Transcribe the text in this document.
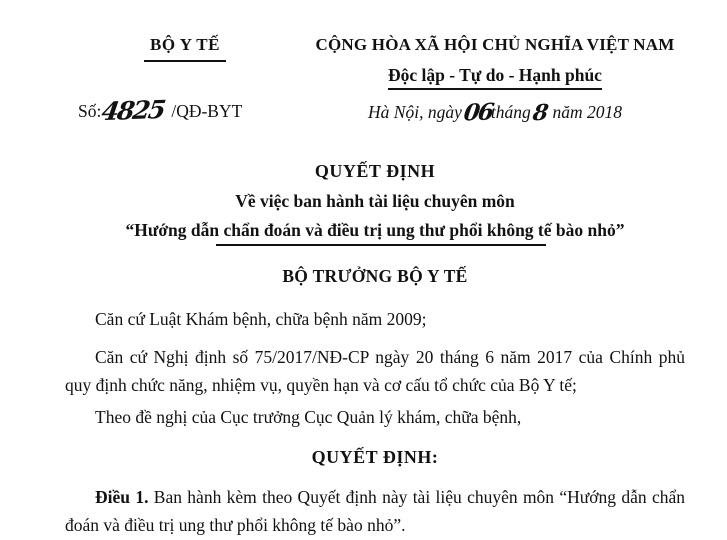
BỘ Y TẾ
Số:4825 /QĐ-BYT
CỘNG HÒA XÃ HỘI CHỦ NGHĨA VIỆT NAM
Độc lập - Tự do - Hạnh phúc
Hà Nội, ngày06tháng8 năm 2018
QUYẾT ĐỊNH
Về việc ban hành tài liệu chuyên môn
“Hướng dẫn chẩn đoán và điều trị ung thư phổi không tế bào nhỏ”
BỘ TRƯỞNG BỘ Y TẾ

Căn cứ Luật Khám bệnh, chữa bệnh năm 2009;

Căn cứ Nghị định số 75/2017/NĐ-CP ngày 20 tháng 6 năm 2017 của Chính phủ quy định chức năng, nhiệm vụ, quyền hạn và cơ cấu tổ chức của Bộ Y tế;

Theo đề nghị của Cục trưởng Cục Quản lý khám, chữa bệnh,

QUYẾT ĐỊNH:

Điều 1. Ban hành kèm theo Quyết định này tài liệu chuyên môn “Hướng dẫn chẩn đoán và điều trị ung thư phổi không tế bào nhỏ”.
